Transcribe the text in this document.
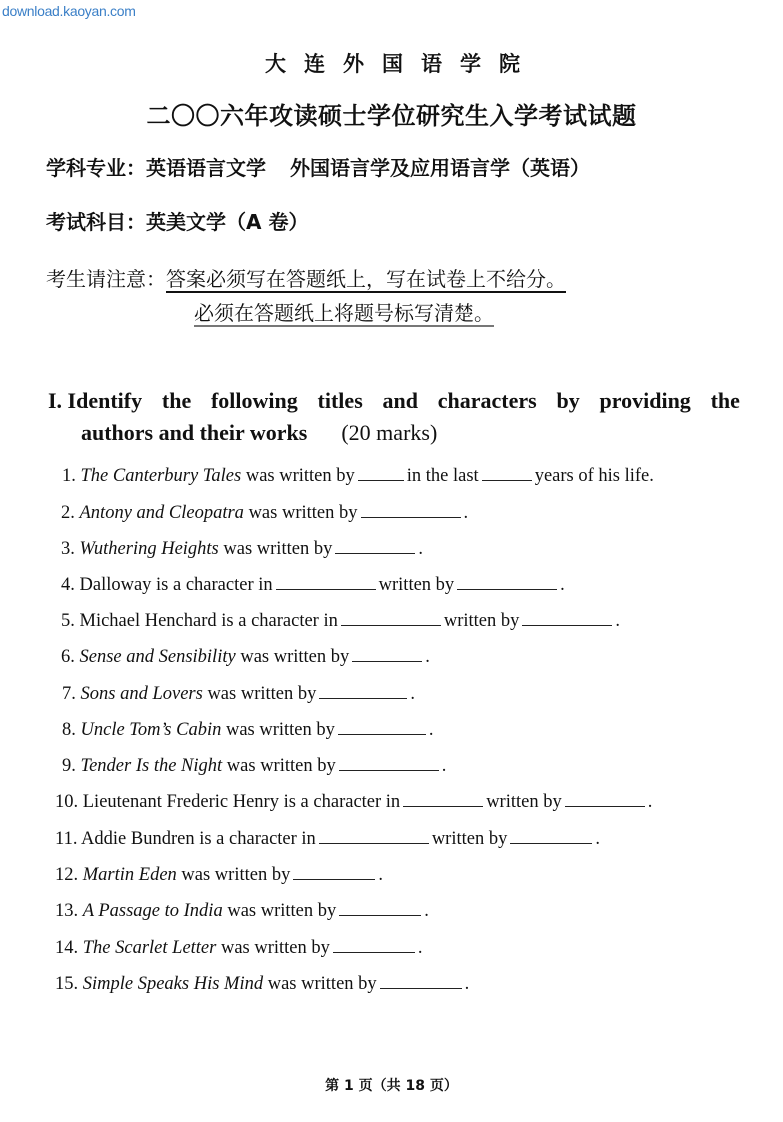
download.kaoyan.com
大连外国语学院
二〇〇六年攻读硕士学位研究生入学考试试题
学科专业：英语语言文学 外国语言学及应用语言学（英语）
考试科目：英美文学（A 卷）
考生请注意：答案必须写在答题纸上，写在试卷上不给分。
必须在答题纸上将题号标写清楚。
I. Identify the following titles and characters by providing the
authors and their works (20 marks)
1. The Canterbury Tales was written by	in the last	years of his life.
2. Antony and Cleopatra was written by	.
3. Wuthering Heights was written by	.
4. Dalloway is a character in	written by	.
5. Michael Henchard is a character in	written by	.
6. Sense and Sensibility was written by	.
7. Sons and Lovers was written by	.
8. Uncle Tom’s Cabin was written by	.
9. Tender Is the Night was written by	.
10. Lieutenant Frederic Henry is a character in	written by	.
11. Addie Bundren is a character in	written by	.
12. Martin Eden was written by	.
13. A Passage to India was written by	.
14. The Scarlet Letter was written by	.
15. Simple Speaks His Mind was written by	.
第 1 页（共 18 页）
